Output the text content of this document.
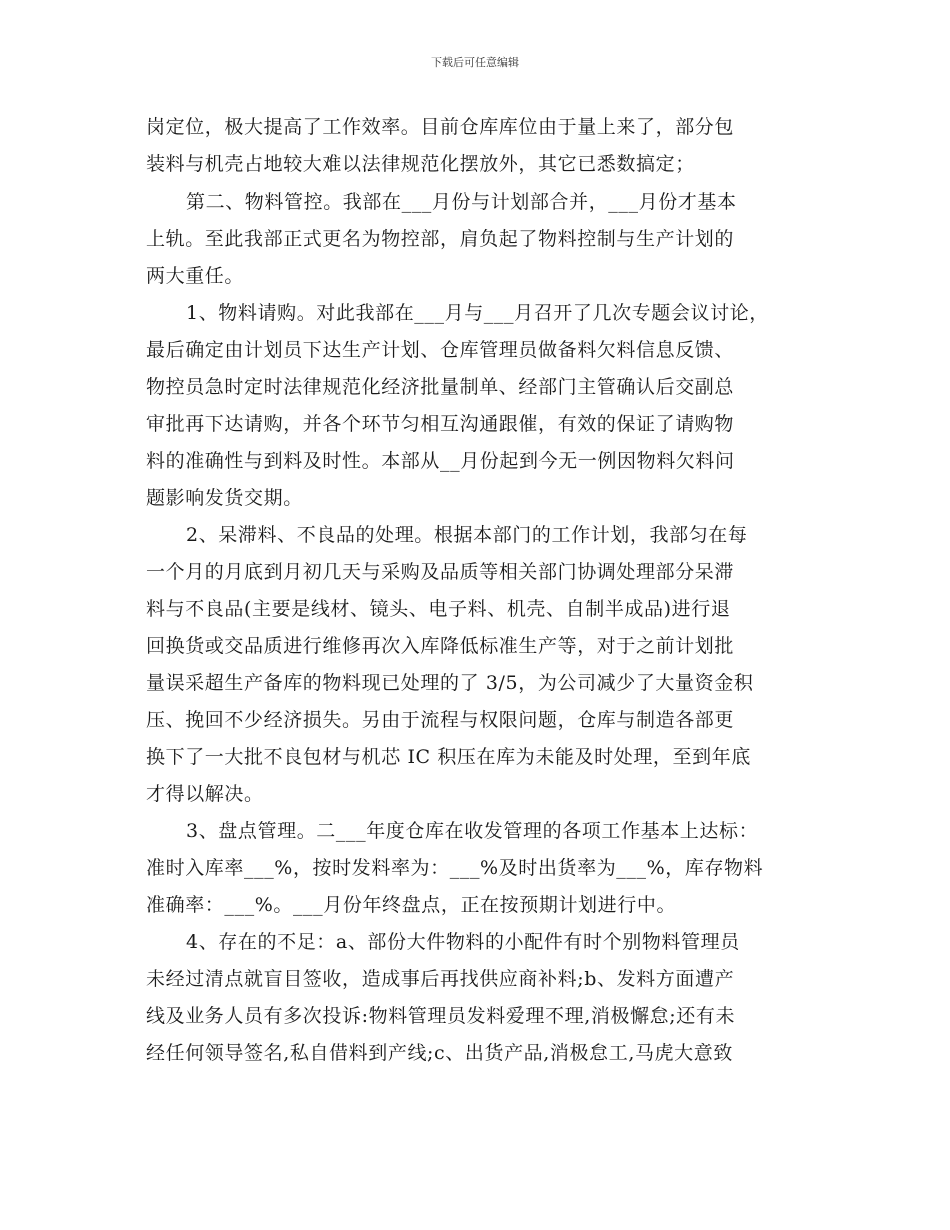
下载后可任意编辑
岗定位，极大提高了工作效率。目前仓库库位由于量上来了，部分包
装料与机壳占地较大难以法律规范化摆放外，其它已悉数搞定；
第二、物料管控。我部在___月份与计划部合并，___月份才基本
上轨。至此我部正式更名为物控部，肩负起了物料控制与生产计划的
两大重任。
1、物料请购。对此我部在___月与___月召开了几次专题会议讨论，
最后确定由计划员下达生产计划、仓库管理员做备料欠料信息反馈、
物控员急时定时法律规范化经济批量制单、经部门主管确认后交副总
审批再下达请购，并各个环节匀相互沟通跟催，有效的保证了请购物
料的准确性与到料及时性。本部从__月份起到今无一例因物料欠料问
题影响发货交期。
2、呆滞料、不良品的处理。根据本部门的工作计划，我部匀在每
一个月的月底到月初几天与采购及品质等相关部门协调处理部分呆滞
料与不良品(主要是线材、镜头、电子料、机壳、自制半成品)进行退
回换货或交品质进行维修再次入库降低标准生产等，对于之前计划批
量误采超生产备库的物料现已处理的了 3/5，为公司减少了大量资金积
压、挽回不少经济损失。另由于流程与权限问题，仓库与制造各部更
换下了一大批不良包材与机芯 IC 积压在库为未能及时处理，至到年底
才得以解决。
3、盘点管理。二___年度仓库在收发管理的各项工作基本上达标：
准时入库率___%，按时发料率为：___%及时出货率为___%，库存物料
准确率：___%。___月份年终盘点，正在按预期计划进行中。
4、存在的不足：a、部份大件物料的小配件有时个别物料管理员
未经过清点就盲目签收，造成事后再找供应商补料;b、发料方面遭产
线及业务人员有多次投诉:物料管理员发料爱理不理,消极懈怠;还有未
经任何领导签名,私自借料到产线;c、出货产品,消极怠工,马虎大意致
